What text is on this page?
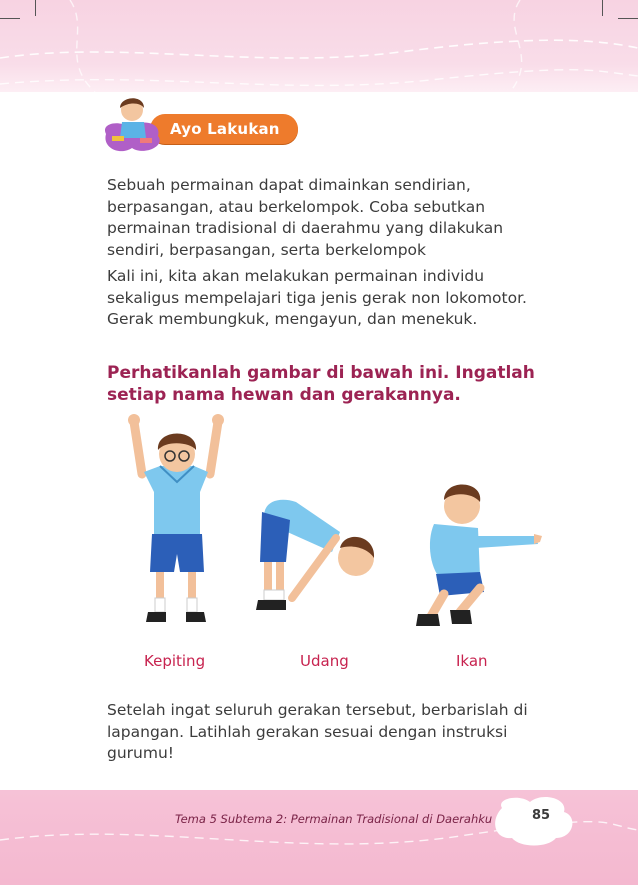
Ayo Lakukan

Sebuah permainan dapat dimainkan sendirian, berpasangan, atau berkelompok. Coba sebutkan permainan tradisional di daerahmu yang dilakukan sendiri, berpasangan, serta berkelompok

Kali ini, kita akan melakukan permainan individu sekaligus mempelajari tiga jenis gerak non lokomotor. Gerak membungkuk, mengayun, dan menekuk.

Perhatikanlah gambar di bawah ini. Ingatlah setiap nama hewan dan gerakannya.

Kepiting	Udang	Ikan

Setelah ingat seluruh gerakan tersebut, berbarislah di lapangan. Latihlah gerakan sesuai dengan instruksi gurumu!

Tema 5 Subtema 2: Permainan Tradisional di Daerahku	85
